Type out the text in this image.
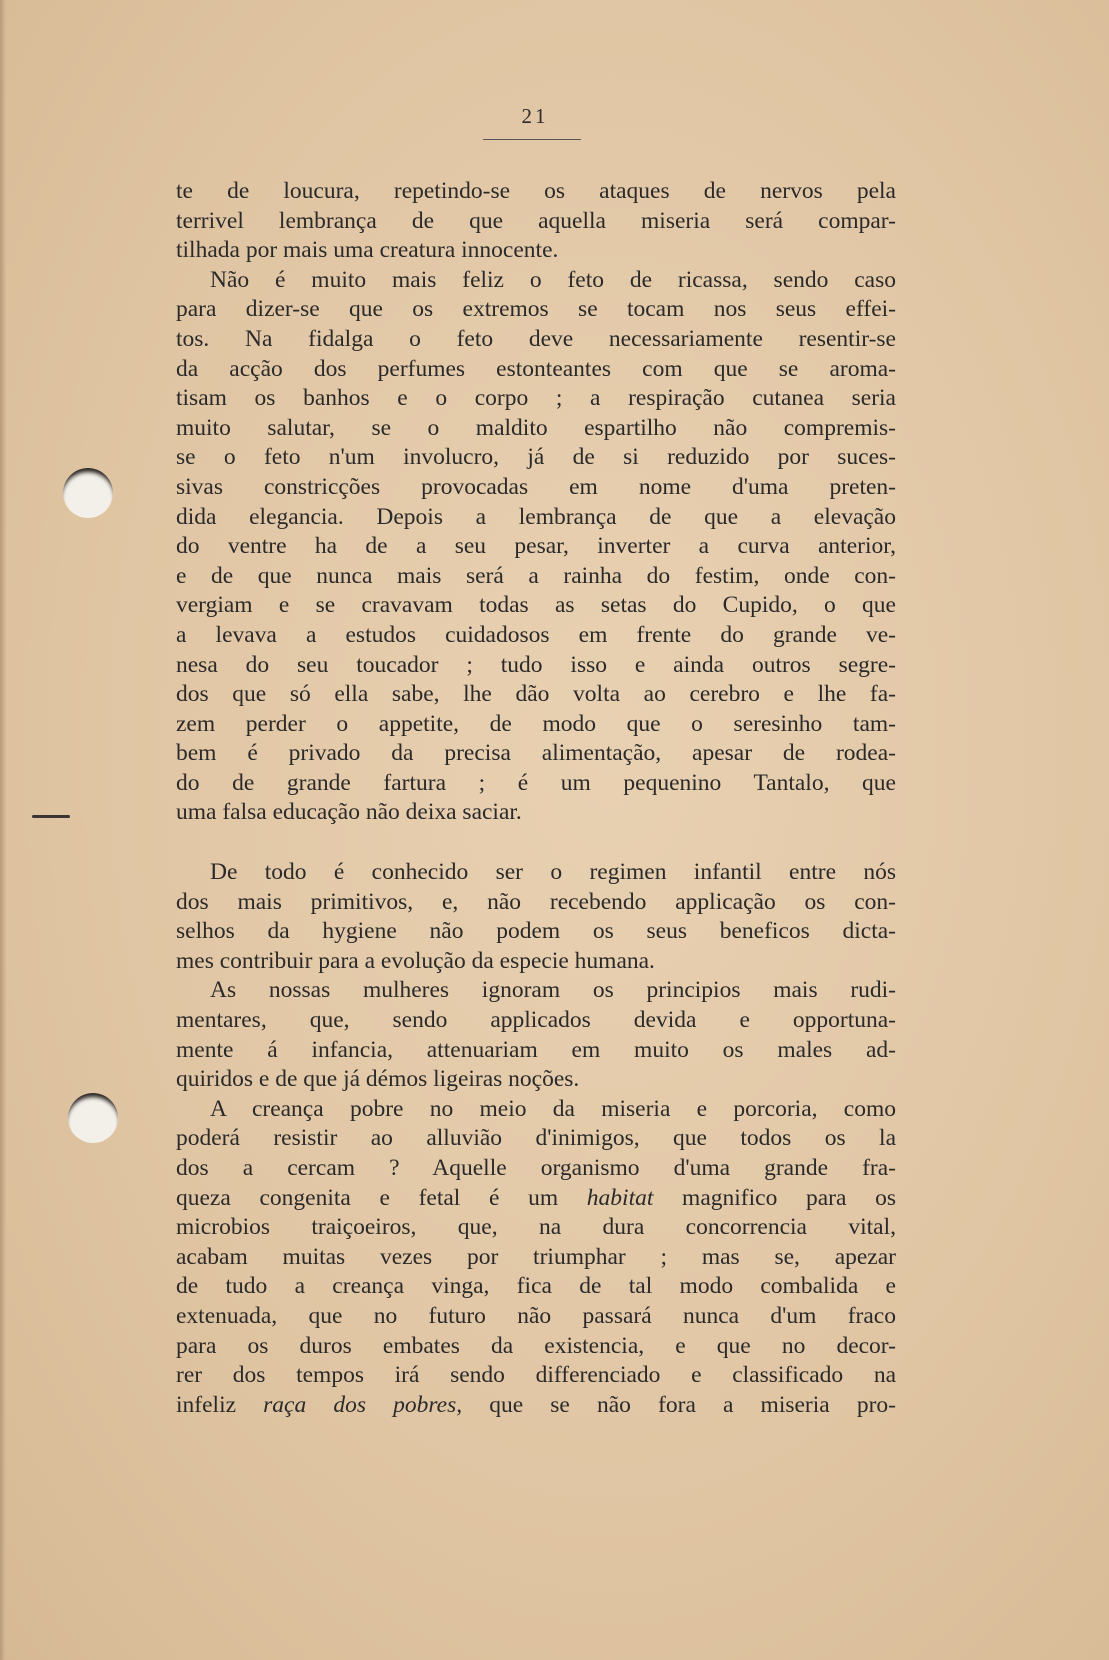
21
te de loucura, repetindo-se os ataques de nervos pela
terrivel lembrança de que aquella miseria será compar-
tilhada por mais uma creatura innocente.
Não é muito mais feliz o feto de ricassa, sendo caso
para dizer-se que os extremos se tocam nos seus effei-
tos. Na fidalga o feto deve necessariamente resentir-se
da acção dos perfumes estonteantes com que se aroma-
tisam os banhos e o corpo ; a respiração cutanea seria
muito salutar, se o maldito espartilho não compremis-
se o feto n'um involucro, já de si reduzido por suces-
sivas constricções provocadas em nome d'uma preten-
dida elegancia. Depois a lembrança de que a elevação
do ventre ha de a seu pesar, inverter a curva anterior,
e de que nunca mais será a rainha do festim, onde con-
vergiam e se cravavam todas as setas do Cupido, o que
a levava a estudos cuidadosos em frente do grande ve-
nesa do seu toucador ; tudo isso e ainda outros segre-
dos que só ella sabe, lhe dão volta ao cerebro e lhe fa-
zem perder o appetite, de modo que o seresinho tam-
bem é privado da precisa alimentação, apesar de rodea-
do de grande fartura ; é um pequenino Tantalo, que
uma falsa educação não deixa saciar.
De todo é conhecido ser o regimen infantil entre nós
dos mais primitivos, e, não recebendo applicação os con-
selhos da hygiene não podem os seus beneficos dicta-
mes contribuir para a evolução da especie humana.
As nossas mulheres ignoram os principios mais rudi-
mentares, que, sendo applicados devida e opportuna-
mente á infancia, attenuariam em muito os males ad-
quiridos e de que já démos ligeiras noções.
A creança pobre no meio da miseria e porcoria, como
poderá resistir ao alluvião d'inimigos, que todos os la
dos a cercam ? Aquelle organismo d'uma grande fra-
queza congenita e fetal é um habitat magnifico para os
microbios traiçoeiros, que, na dura concorrencia vital,
acabam muitas vezes por triumphar ; mas se, apezar
de tudo a creança vinga, fica de tal modo combalida e
extenuada, que no futuro não passará nunca d'um fraco
para os duros embates da existencia, e que no decor-
rer dos tempos irá sendo differenciado e classificado na
infeliz raça dos pobres, que se não fora a miseria pro-
